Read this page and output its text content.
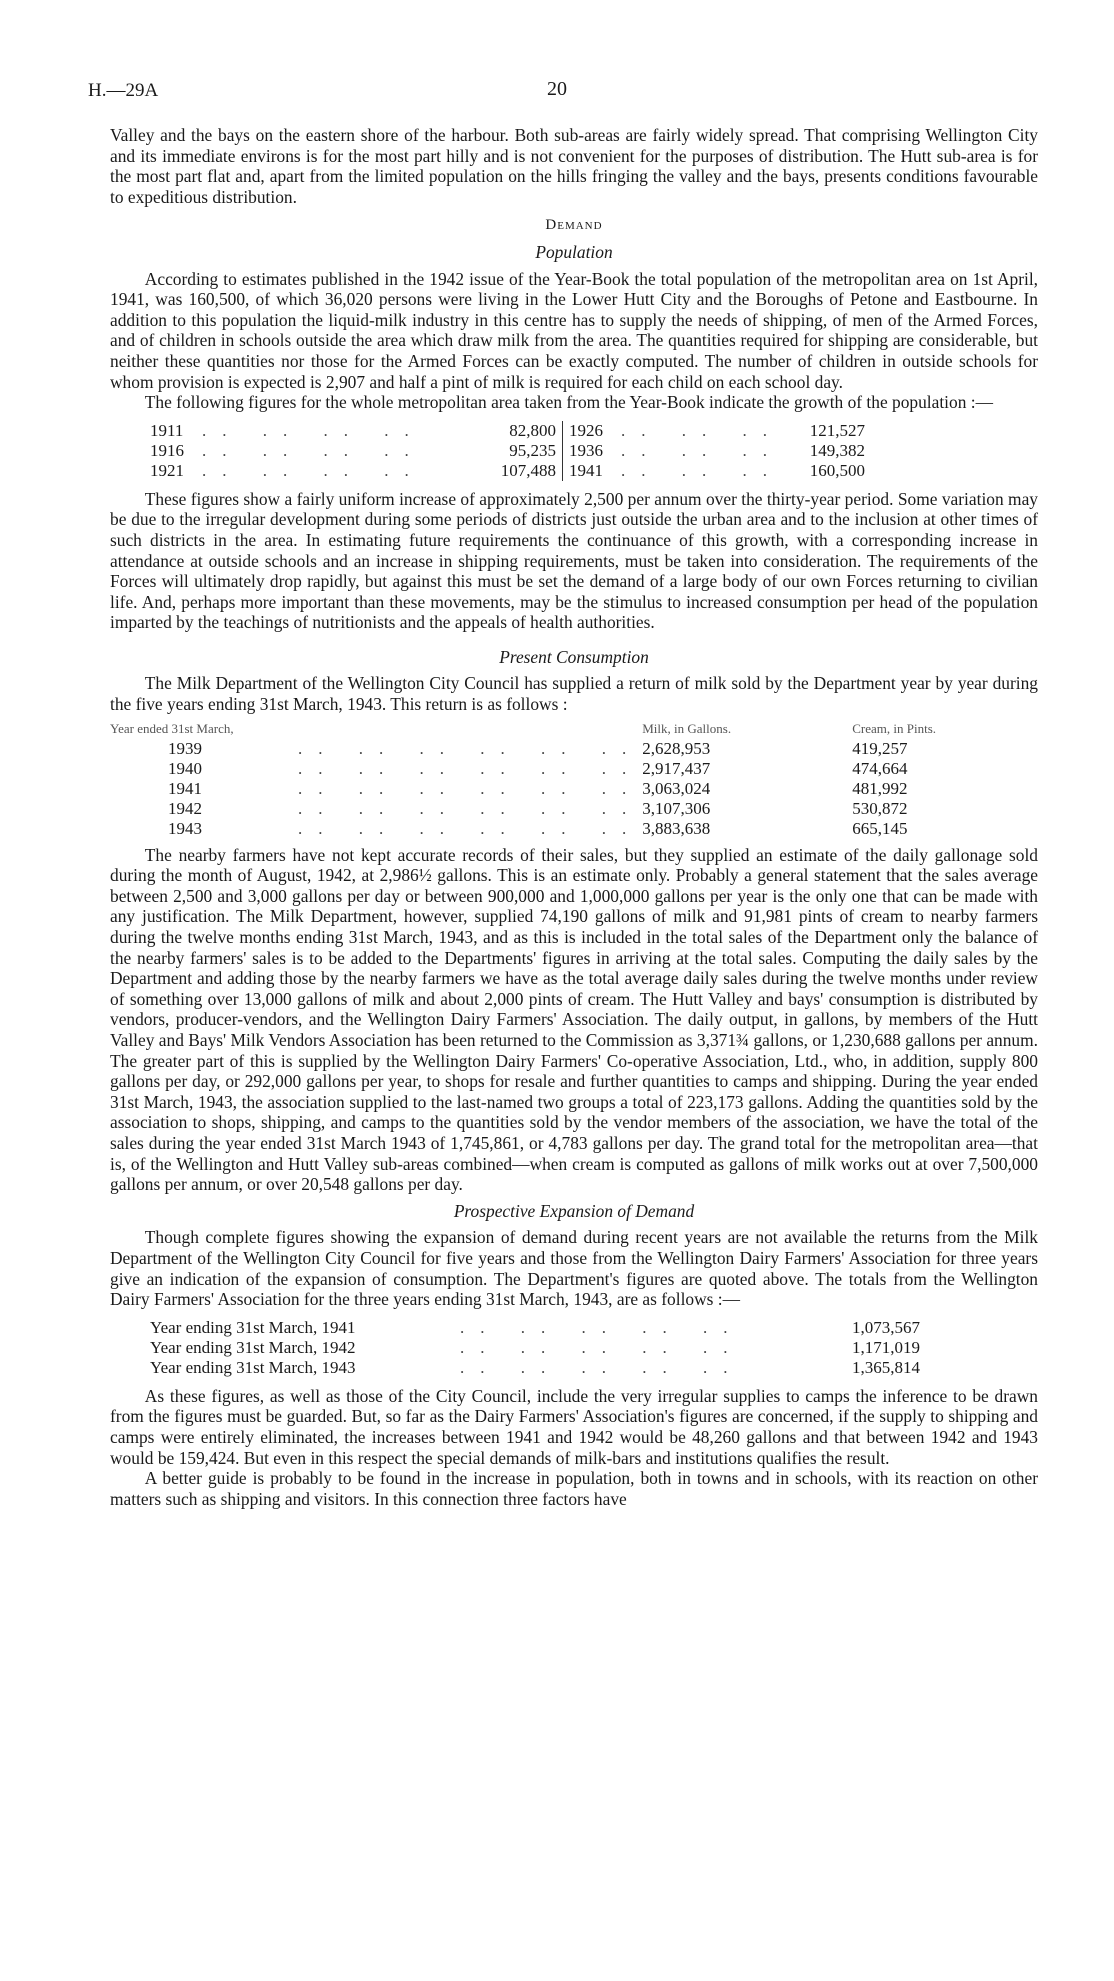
H.—29A	20

Valley and the bays on the eastern shore of the harbour. Both sub-areas are fairly widely spread. That comprising Wellington City and its immediate environs is for the most part hilly and is not convenient for the purposes of distribution. The Hutt sub-area is for the most part flat and, apart from the limited population on the hills fringing the valley and the bays, presents conditions favourable to expeditious distribution.

Demand
Population

According to estimates published in the 1942 issue of the Year-Book the total population of the metropolitan area on 1st April, 1941, was 160,500, of which 36,020 persons were living in the Lower Hutt City and the Boroughs of Petone and Eastbourne. In addition to this population the liquid-milk industry in this centre has to supply the needs of shipping, of men of the Armed Forces, and of children in schools outside the area which draw milk from the area. The quantities required for shipping are considerable, but neither these quantities nor those for the Armed Forces can be exactly computed. The number of children in outside schools for whom provision is expected is 2,907 and half a pint of milk is required for each child on each school day.

The following figures for the whole metropolitan area taken from the Year-Book indicate the growth of the population :—

1911	.. .. .. ..	82,800	1926	.. .. ..	121,527
1916	.. .. .. ..	95,235	1936	.. .. ..	149,382
1921	.. .. .. ..	107,488	1941	.. .. ..	160,500

These figures show a fairly uniform increase of approximately 2,500 per annum over the thirty-year period. Some variation may be due to the irregular development during some periods of districts just outside the urban area and to the inclusion at other times of such districts in the area. In estimating future requirements the continuance of this growth, with a corresponding increase in attendance at outside schools and an increase in shipping requirements, must be taken into consideration. The requirements of the Forces will ultimately drop rapidly, but against this must be set the demand of a large body of our own Forces returning to civilian life. And, perhaps more important than these movements, may be the stimulus to increased consumption per head of the population imparted by the teachings of nutritionists and the appeals of health authorities.

Present Consumption

The Milk Department of the Wellington City Council has supplied a return of milk sold by the Department year by year during the five years ending 31st March, 1943. This return is as follows :

Year ended 31st March,		Milk, in Gallons.	Cream, in Pints.
1939	.. .. .. .. .. ..	2,628,953	419,257
1940	.. .. .. .. .. ..	2,917,437	474,664
1941	.. .. .. .. .. ..	3,063,024	481,992
1942	.. .. .. .. .. ..	3,107,306	530,872
1943	.. .. .. .. .. ..	3,883,638	665,145

The nearby farmers have not kept accurate records of their sales, but they supplied an estimate of the daily gallonage sold during the month of August, 1942, at 2,986½ gallons. This is an estimate only. Probably a general statement that the sales average between 2,500 and 3,000 gallons per day or between 900,000 and 1,000,000 gallons per year is the only one that can be made with any justification. The Milk Department, however, supplied 74,190 gallons of milk and 91,981 pints of cream to nearby farmers during the twelve months ending 31st March, 1943, and as this is included in the total sales of the Department only the balance of the nearby farmers' sales is to be added to the Departments' figures in arriving at the total sales. Computing the daily sales by the Department and adding those by the nearby farmers we have as the total average daily sales during the twelve months under review of something over 13,000 gallons of milk and about 2,000 pints of cream. The Hutt Valley and bays' consumption is distributed by vendors, producer-vendors, and the Wellington Dairy Farmers' Association. The daily output, in gallons, by members of the Hutt Valley and Bays' Milk Vendors Association has been returned to the Commission as 3,371¾ gallons, or 1,230,688 gallons per annum. The greater part of this is supplied by the Wellington Dairy Farmers' Co-operative Association, Ltd., who, in addition, supply 800 gallons per day, or 292,000 gallons per year, to shops for resale and further quantities to camps and shipping. During the year ended 31st March, 1943, the association supplied to the last-named two groups a total of 223,173 gallons. Adding the quantities sold by the association to shops, shipping, and camps to the quantities sold by the vendor members of the association, we have the total of the sales during the year ended 31st March 1943 of 1,745,861, or 4,783 gallons per day. The grand total for the metropolitan area—that is, of the Wellington and Hutt Valley sub-areas combined—when cream is computed as gallons of milk works out at over 7,500,000 gallons per annum, or over 20,548 gallons per day.

Prospective Expansion of Demand

Though complete figures showing the expansion of demand during recent years are not available the returns from the Milk Department of the Wellington City Council for five years and those from the Wellington Dairy Farmers' Association for three years give an indication of the expansion of consumption. The Department's figures are quoted above. The totals from the Wellington Dairy Farmers' Association for the three years ending 31st March, 1943, are as follows :—

Year ending 31st March, 1941	.. .. .. .. ..	1,073,567
Year ending 31st March, 1942	.. .. .. .. ..	1,171,019
Year ending 31st March, 1943	.. .. .. .. ..	1,365,814

As these figures, as well as those of the City Council, include the very irregular supplies to camps the inference to be drawn from the figures must be guarded. But, so far as the Dairy Farmers' Association's figures are concerned, if the supply to shipping and camps were entirely eliminated, the increases between 1941 and 1942 would be 48,260 gallons and that between 1942 and 1943 would be 159,424. But even in this respect the special demands of milk-bars and institutions qualifies the result.

A better guide is probably to be found in the increase in population, both in towns and in schools, with its reaction on other matters such as shipping and visitors. In this connection three factors have
